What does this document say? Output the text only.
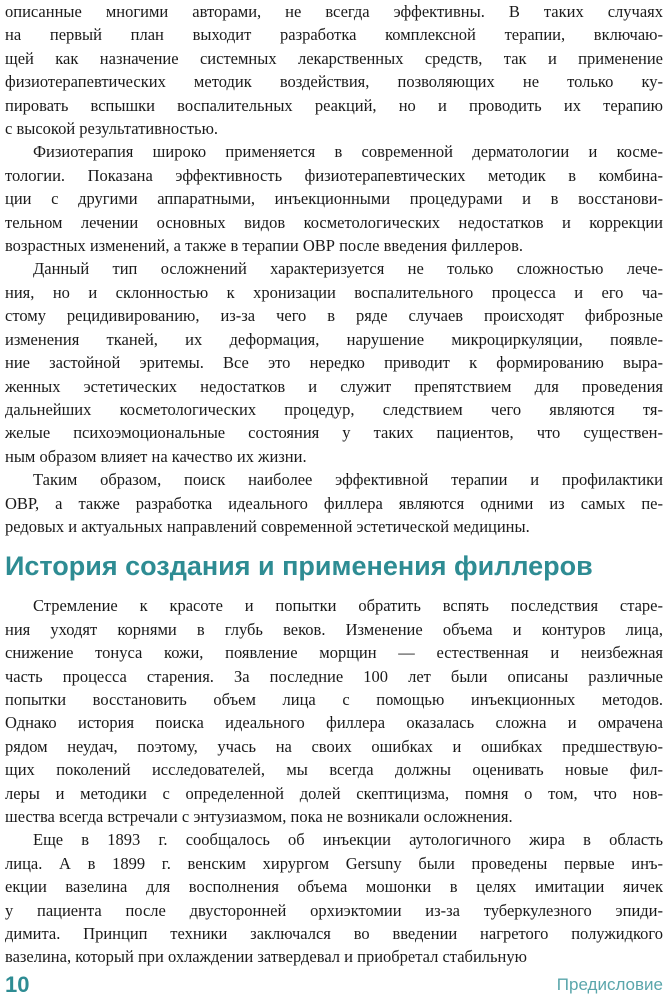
описанные многими авторами, не всегда эффективны. В таких случаях
на первый план выходит разработка комплексной терапии, включаю-
щей как назначение системных лекарственных средств, так и применение
физиотерапевтических методик воздействия, позволяющих не только ку-
пировать вспышки воспалительных реакций, но и проводить их терапию
с высокой результативностью.
Физиотерапия широко применяется в современной дерматологии и космe-
тологии. Показана эффективность физиотерапевтических методик в комбина-
ции с другими аппаратными, инъекционными процедурами и в восстанови-
тельном лечении основных видов косметологических недостатков и коррекции
возрастных изменений, а также в терапии ОВР после введения филлеров.
Данный тип осложнений характеризуется не только сложностью лече-
ния, но и склонностью к хронизации воспалительного процесса и его ча-
стому рецидивированию, из-за чего в ряде случаев происходят фиброзные
изменения тканей, их деформация, нарушение микроциркуляции, появле-
ние застойной эритемы. Все это нередко приводит к формированию выра-
женных эстетических недостатков и служит препятствием для проведения
дальнейших косметологических процедур, следствием чего являются тя-
желые психоэмоциональные состояния у таких пациентов, что существен-
ным образом влияет на качество их жизни.
Таким образом, поиск наиболее эффективной терапии и профилактики
ОВР, а также разработка идеального филлера являются одними из самых пе-
редовых и актуальных направлений современной эстетической медицины.
История создания и применения филлеров
Стремление к красоте и попытки обратить вспять последствия старе-
ния уходят корнями в глубь веков. Изменение объема и контуров лица,
снижение тонуса кожи, появление морщин — естественная и неизбежная
часть процесса старения. За последние 100 лет были описаны различные
попытки восстановить объем лица с помощью инъекционных методов.
Однако история поиска идеального филлера оказалась сложна и омрачена
рядом неудач, поэтому, учась на своих ошибках и ошибках предшествую-
щих поколений исследователей, мы всегда должны оценивать новые фил-
леры и методики с определенной долей скептицизма, помня о том, что нов-
шества всегда встречали с энтузиазмом, пока не возникали осложнения.
Еще в 1893 г. сообщалось об инъекции аутологичного жира в область
лица. А в 1899 г. венским хирургом Gersuny были проведены первые инъ-
екции вазелина для восполнения объема мошонки в целях имитации яичек
у пациента после двусторонней орхиэктомии из-за туберкулезного эпиди-
димита. Принцип техники заключался во введении нагретого полужидкого
вазелина, который при охлаждении затвердевал и приобретал стабильную
10	Предисловие
